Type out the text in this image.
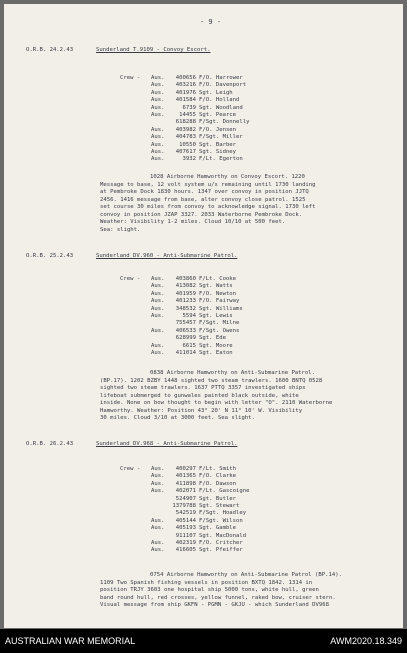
- 9 -
O.R.B. 24.2.43	Sunderland T.9109 - Convoy Escort.
Crew -	Aus.	400656 F/O. Harrower
Aus.	403216 F/O. Davenport
Aus.	401976 Sgt. Leigh
Aus.	401584 F/O. Holland
Aus.	6739 Sgt. Woodland
Aus.	14455 Sgt. Pearce
618288 F/Sgt. Donnelly
Aus.	403982 F/O. Jensen
Aus.	404783 F/Sgt. Miller
Aus.	10550 Sgt. Barber
Aus.	407617 Sgt. Sidney
Aus.	3932 F/Lt. Egerton

1028 Airborne Hamworthy on Convoy Escort. 1220

Message to base, 12 volt system u/s remaining until 1730 landing

at Pembroke Dock 1830 hours. 1347 over convoy in position JJTQ

2456. 1416 message from base, alter convoy close patrol. 1525

set course 30 miles from convoy to acknowledge signal. 1730 left

convoy in position JZAP 3327. 2033 Waterborne Pembroke Dock.

Weather: Visibility 1-2 miles. Cloud 10/10 at 500 feet.

Sea: slight.

O.R.B. 25.2.43	Sunderland DV.960 - Anti-Submarine Patrol.
Crew -	Aus.	403860 F/Lt. Cooke
Aus.	413082 Sgt. Watts
Aus.	401959 F/O. Newton
Aus.	401233 F/O. Fairway
Aus.	348532 Sgt. Williams
Aus.	5594 Sgt. Lewis
755457 F/Sgt. Milne
Aus.	406533 F/Sgt. Owens
628999 Sgt. Ede
Aus.	6615 Sgt. Moore
Aus.	411014 Sgt. Eaton

0838 Airborne Hamworthy on Anti-Submarine Patrol.

(BP.17). 1202 BZBY 1448 sighted two steam trawlers. 1600 BNTQ 0528

sighted two steam trawlers. 1637 PTTQ 3357 investigated ships

lifeboat submerged to gunwales painted black outside, white

inside. None on bow thought to begin with letter "O". 2110 Waterborne

Hamworthy. Weather: Position 43° 20' N 11° 10' W. Visibility

30 miles. Cloud 3/10 at 3000 feet. Sea slight.

O.R.B. 26.2.43	Sunderland DV.968 - Anti-Submarine Patrol.
Crew -	Aus.	400297 F/Lt. Smith
Aus.	401365 F/O. Clarke
Aus.	411898 F/O. Dawson
Aus.	402071 F/Lt. Gascoigne
524907 Sgt. Butler
1379788 Sgt. Stewart
542519 F/Sgt. Hoadley
Aus.	405144 F/Sgt. Wilson
Aus.	405193 Sgt. Gamble
911107 Sgt. MacDonald
Aus.	402319 F/O. Critcher
Aus.	416605 Sgt. Pfeiffer

0754 Airborne Hamworthy on Anti-Submarine Patrol (BP.14).

1109 Two Spanish fishing vessels in position BXTQ 1842. 1314 in

position TRJY 3603 one hospital ship 5000 tons, white hull, green

band round hull, red crosses, yellow funnel, raked bow, cruiser stern.

Visual message from ship GKFN - PGMN - GKJU - which Sunderland DV968

AUSTRALIAN WAR MEMORIAL	AWM2020.18.349
